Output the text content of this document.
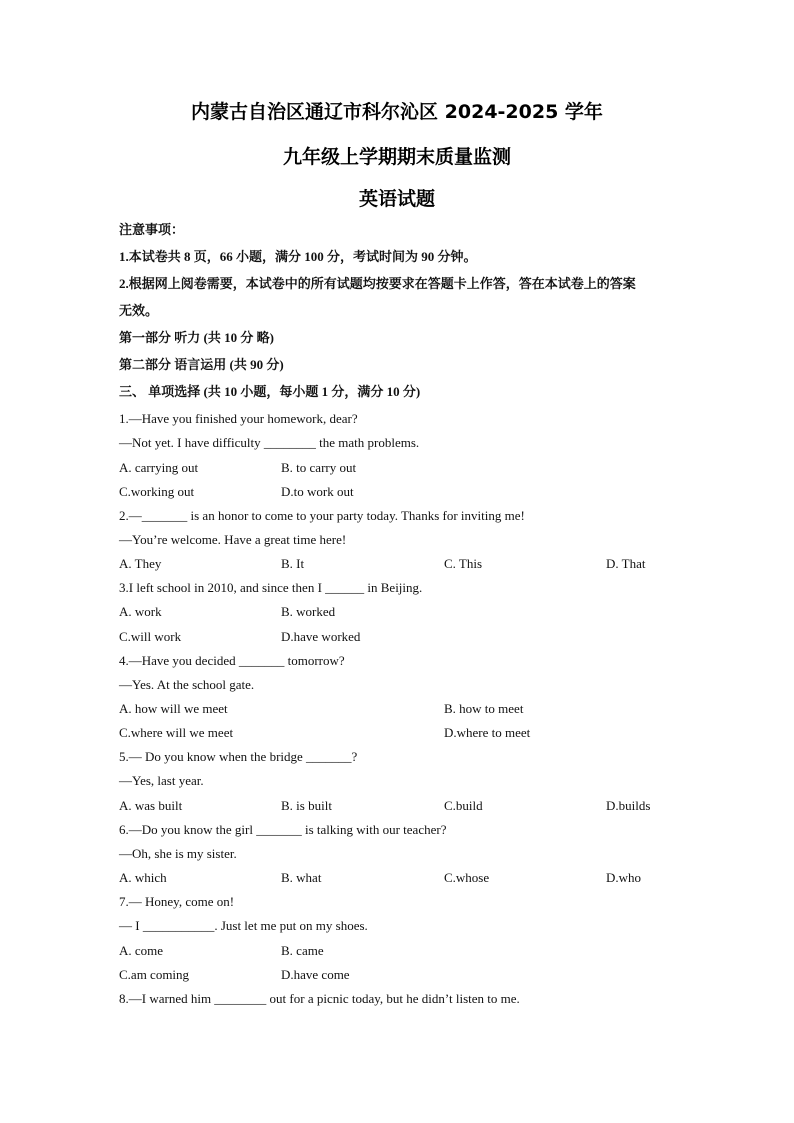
内蒙古自治区通辽市科尔沁区 2024-2025 学年
九年级上学期期末质量监测
英语试题
注意事项：
1.本试卷共 8 页，66 小题，满分 100 分，考试时间为 90 分钟。
2.根据网上阅卷需要，本试卷中的所有试题均按要求在答题卡上作答，答在本试卷上的答案
无效。
第一部分 听力 (共 10 分 略)
第二部分 语言运用 (共 90 分)
三、 单项选择 (共 10 小题，每小题 1 分，满分 10 分)
1.—Have you finished your homework, dear?
—Not yet. I have difficulty ________ the math problems.
A. carrying out	B. to carry out
C.working out	D.to work out
2.—_______ is an honor to come to your party today. Thanks for inviting me!
—You’re welcome. Have a great time here!
A. They	B. It	C. This	D. That
3.I left school in 2010, and since then I ______ in Beijing.
A. work	B. worked
C.will work	D.have worked
4.—Have you decided _______ tomorrow?
—Yes. At the school gate.
A. how will we meet	B. how to meet
C.where will we meet	D.where to meet
5.— Do you know when the bridge _______?
—Yes, last year.
A. was built	B. is built	C.build	D.builds
6.—Do you know the girl _______ is talking with our teacher?
—Oh, she is my sister.
A. which	B. what	C.whose	D.who
7.— Honey, come on!
— I ___________. Just let me put on my shoes.
A. come	B. came
C.am coming	D.have come
8.—I warned him ________ out for a picnic today, but he didn’t listen to me.
